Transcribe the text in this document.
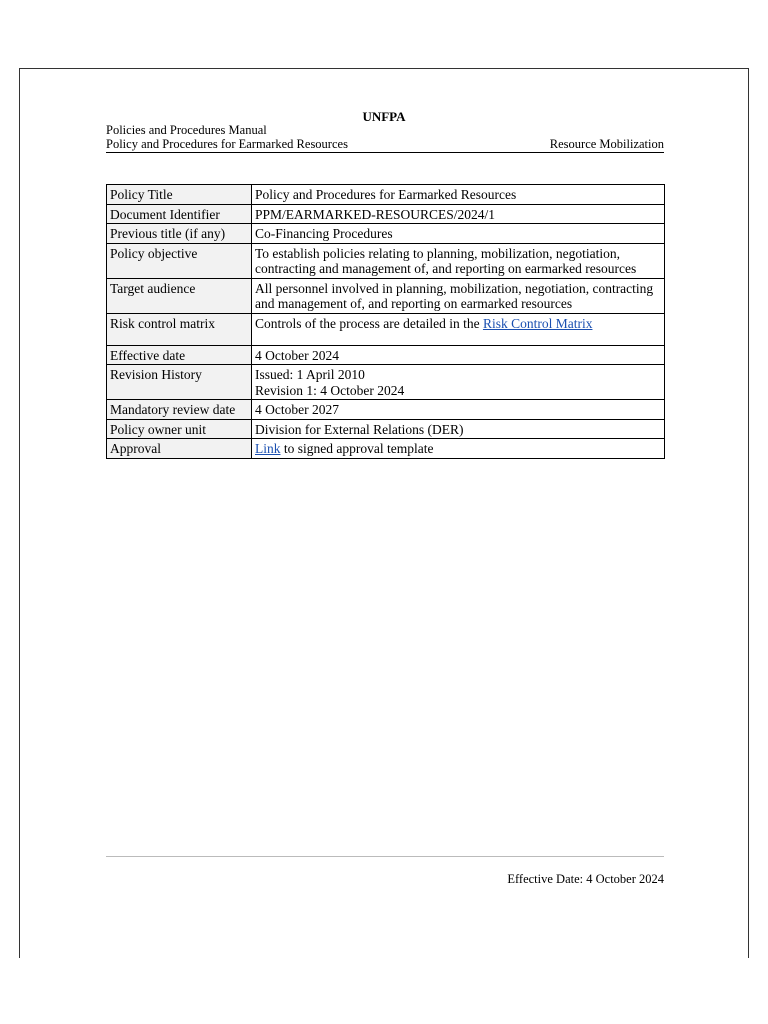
UNFPA
Policies and Procedures Manual
Policy and Procedures for Earmarked Resources	Resource Mobilization
Policy Title	Policy and Procedures for Earmarked Resources
Document Identifier	PPM/EARMARKED-RESOURCES/2024/1
Previous title (if any)	Co-Financing Procedures
Policy objective	To establish policies relating to planning, mobilization, negotiation, contracting and management of, and reporting on earmarked resources
Target audience	All personnel involved in planning, mobilization, negotiation, contracting and management of, and reporting on earmarked resources
Risk control matrix	Controls of the process are detailed in the Risk Control Matrix
Effective date	4 October 2024
Revision History	Issued: 1 April 2010
Revision 1: 4 October 2024

Mandatory review date	4 October 2027
Policy owner unit	Division for External Relations (DER)
Approval	Link to signed approval template
Effective Date: 4 October 2024
